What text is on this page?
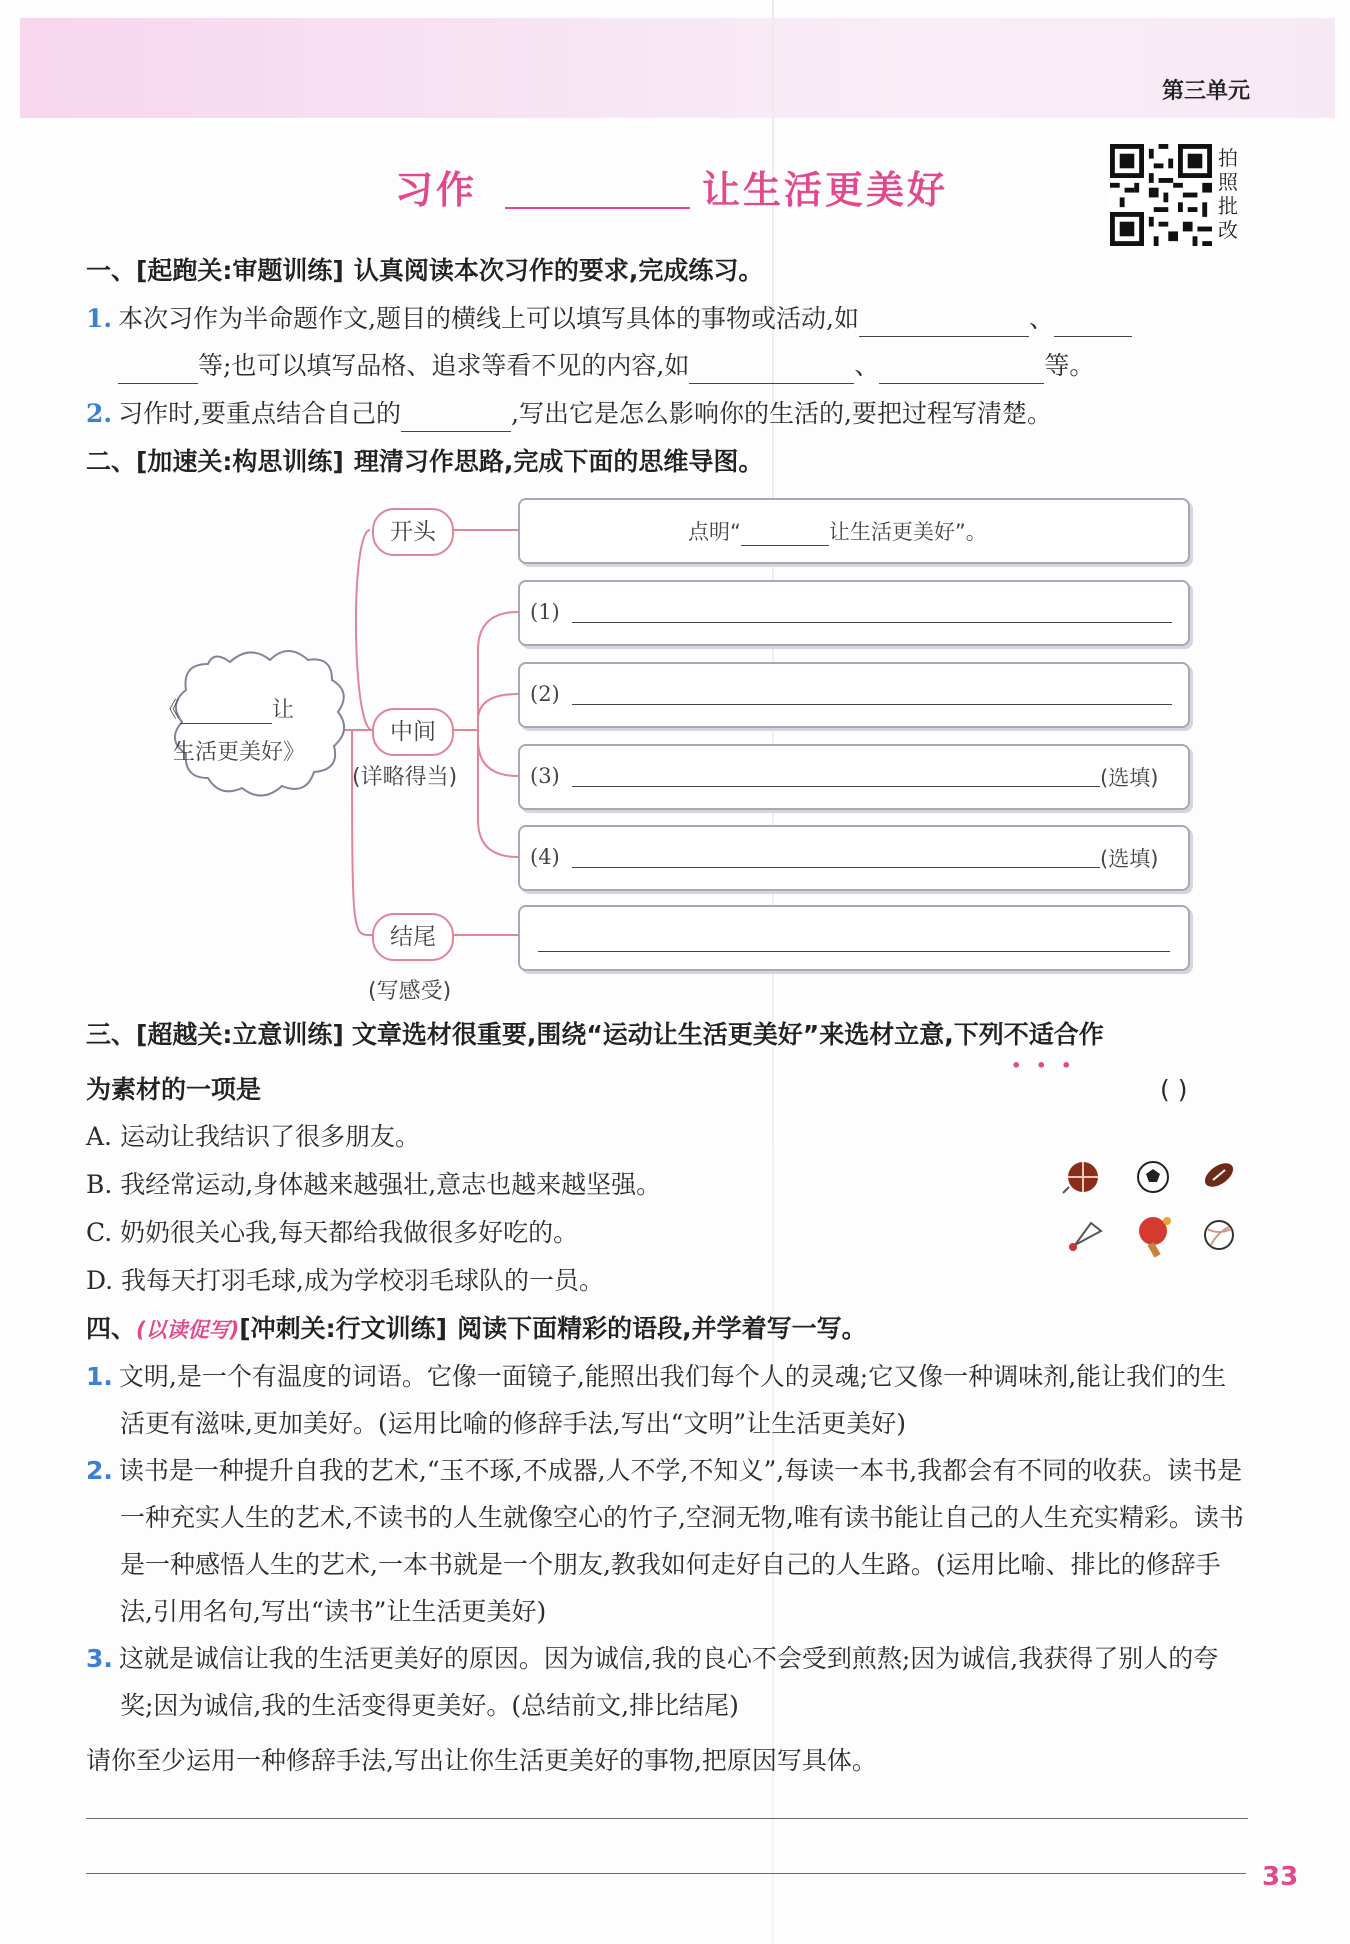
第三单元
习作	让生活更美好
拍
照
批
改
一、[起跑关:审题训练] 认真阅读本次习作的要求,完成练习。
1. 本次习作为半命题作文,题目的横线上可以填写具体的事物或活动,如	、
等;也可以填写品格、追求等看不见的内容,如	、	等。
2. 习作时,要重点结合自己的	,写出它是怎么影响你的生活的,要把过程写清楚。
二、[加速关:构思训练] 理清习作思路,完成下面的思维导图。
《	让
生活更美好》
开头
中间
(详略得当)
结尾
(写感受)
点明“	让生活更美好”。
(1)
(2)
(3)	(选填)
(4)	(选填)
三、[超越关:立意训练] 文章选材很重要,围绕“运动让生活更美好”来选材立意,下列不适合作
为素材的一项是	( )
A. 运动让我结识了很多朋友。
B. 我经常运动,身体越来越强壮,意志也越来越坚强。
C. 奶奶很关心我,每天都给我做很多好吃的。
D. 我每天打羽毛球,成为学校羽毛球队的一员。
四、(以读促写)[冲刺关:行文训练] 阅读下面精彩的语段,并学着写一写。
1. 文明,是一个有温度的词语。它像一面镜子,能照出我们每个人的灵魂;它又像一种调味剂,能让我们的生活更有滋味,更加美好。(运用比喻的修辞手法,写出“文明”让生活更美好)
2. 读书是一种提升自我的艺术,“玉不琢,不成器,人不学,不知义”,每读一本书,我都会有不同的收获。读书是一种充实人生的艺术,不读书的人生就像空心的竹子,空洞无物,唯有读书能让自己的人生充实精彩。读书是一种感悟人生的艺术,一本书就是一个朋友,教我如何走好自己的人生路。(运用比喻、排比的修辞手法,引用名句,写出“读书”让生活更美好)
3. 这就是诚信让我的生活更美好的原因。因为诚信,我的良心不会受到煎熬;因为诚信,我获得了别人的夸奖;因为诚信,我的生活变得更美好。(总结前文,排比结尾)
请你至少运用一种修辞手法,写出让你生活更美好的事物,把原因写具体。
33
